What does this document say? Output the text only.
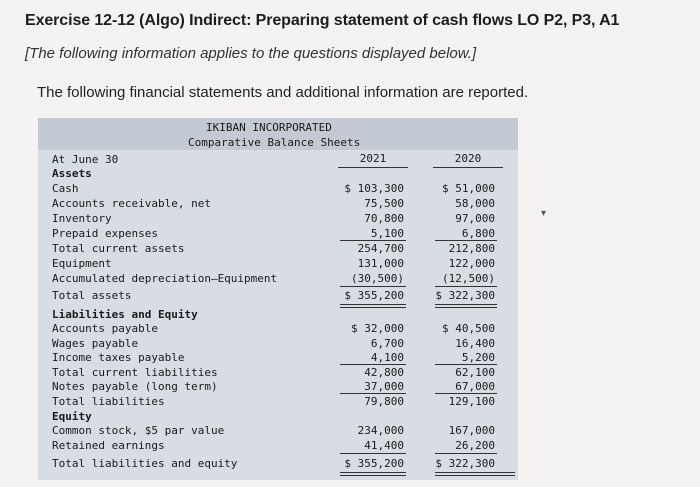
Exercise 12-12 (Algo) Indirect: Preparing statement of cash flows LO P2, P3, A1
[The following information applies to the questions displayed below.]
The following financial statements and additional information are reported.
IKIBAN INCORPORATED
Comparative Balance Sheets
At June 30	2021	2020
Assets
Cash	$ 103,300	$ 51,000
Accounts receivable, net	75,500	58,000
Inventory	70,800	97,000
Prepaid expenses	5,100	6,800
Total current assets	254,700	212,800
Equipment	131,000	122,000
Accumulated depreciation—Equipment	(30,500)	(12,500)
Total assets	$ 355,200	$ 322,300
Liabilities and Equity
Accounts payable	$ 32,000	$ 40,500
Wages payable	6,700	16,400
Income taxes payable	4,100	5,200
Total current liabilities	42,800	62,100
Notes payable (long term)	37,000	67,000
Total liabilities	79,800	129,100
Equity
Common stock, $5 par value	234,000	167,000
Retained earnings	41,400	26,200
Total liabilities and equity	$ 355,200	$ 322,300
▾
